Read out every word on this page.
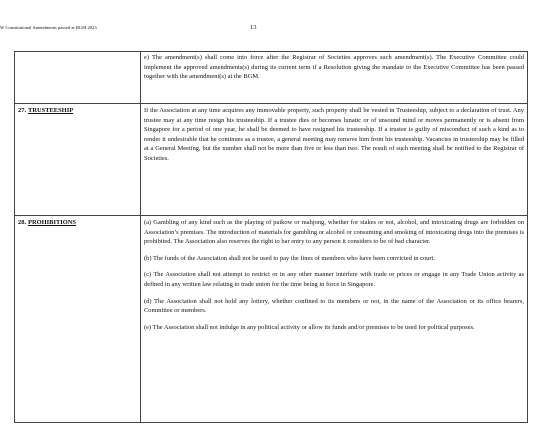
W Constitutional Amendments passed at BGM 2023	13

	e) The amendment(s) shall come into force after the Registrar of Societies approves such amendment(s). The Executive Committee could implement the approved amendments(s) during its current term if a Resolution giving the mandate to the Executive Committee has been passed together with the amendment(s) at the BGM.

27. TRUSTEESHIP	If the Association at any time acquires any immovable property, such property shall be vested in Trusteeship, subject to a declaration of trust. Any trustee may at any time resign his trusteeship. If a trustee dies or becomes lunatic or of unsound mind or moves permanently or is absent from Singapore for a period of one year, he shall be deemed to have resigned his trusteeship. If a trustee is guilty of misconduct of such a kind as to render it undesirable that he continues as a trustee, a general meeting may remove him from his trusteeship. Vacancies in trusteeship may be filled at a General Meeting, but the number shall not be more than five or less than two. The result of such meeting shall be notified to the Registrar of Societies.

28. PROHIBITIONS	(a) Gambling of any kind such as the playing of paikow or mahjong, whether for stakes or not, alcohol, and intoxicating drugs are forbidden on Association’s premises. The introduction of materials for gambling or alcohol or consuming and smoking of intoxicating drugs into the premises is prohibited. The Association also reserves the right to bar entry to any person it considers to be of bad character.

(b) The funds of the Association shall not be used to pay the fines of members who have been convicted in court.

(c) The Association shall not attempt to restrict or in any other manner interfere with trade or prices or engage in any Trade Union activity as defined in any written law relating to trade union for the time being in force in Singapore.

(d) The Association shall not hold any lottery, whether confined to its members or not, in the name of the Association or its office bearers, Committee or members.

(e) The Association shall not indulge in any political activity or allow its funds and/or premises to be used for political purposes.
